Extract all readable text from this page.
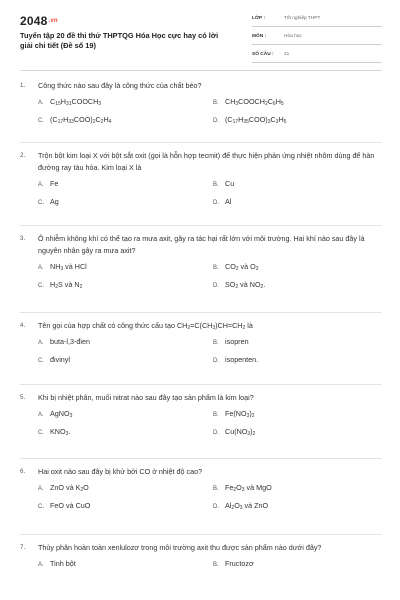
$2048^{.vn}$
Tuyển tập 20 đề thi thử THPTQG Hóa Học cực hay có lời giải chi tiết (Đề số 19)
LỚP :	Tốt nghiệp THPT
MÔN :	Hóa học
SỐ CÂU : 41
1.	Công thức nào sau đây là công thức của chất béo?
A. $C_{15}H_{31}COOCH_3$	B. $CH_3COOCH_2C_6H_5$
C. $(C_{17}H_{33}COO)_2C_2H_4$	D. $(C_{17}H_{35}COO)_3C_3H_5$
2.	Trộn bột kim loại X với bột sắt oxit (gọi là hỗn hợp tecmit) để thực hiện phản ứng nhiệt nhôm dùng để hàn đường ray tàu hỏa. Kim loại X là
A. Fe	B. Cu
C. Ag	D. Al
3.	Ô nhiễm không khí có thể tạo ra mưa axit, gây ra tác hại rất lớn với môi trường. Hai khí nào sau đây là nguyên nhân gây ra mưa axit?
A. $NH_3$ và HCl	B. $CO_2$ và $O_2$
C. $H_2S$ và $N_2$	D. $SO_2$ và $NO_2$.
4.	Tên gọi của hợp chất có công thức cấu tạo $CH_2=C(CH_3)CH=CH_2$ là
A. buta-l,3-đien	B. isopren
C. đivinyl	D. isopenten.
5.	Khi bị nhiệt phân, muối nitrat nào sau đây tạo sản phẩm là kim loại?
A. AgNO$_3$	B. $Fe(NO_3)_2$
C. $KNO_3$.	D. $Cu(NO_3)_2$
6.	Hai oxit nào sau đây bị khử bởi CO ở nhiệt độ cao?
A. ZnO và $K_2O$	B. $Fe_2O_3$ và MgO
C. FeO và CuO	D. $Al_2O_3$ và ZnO
7.	Thủy phân hoàn toàn xenlulozơ trong môi trường axit thu được sản phẩm nào dưới đây?
A. Tinh bột	B. Fructozơ
